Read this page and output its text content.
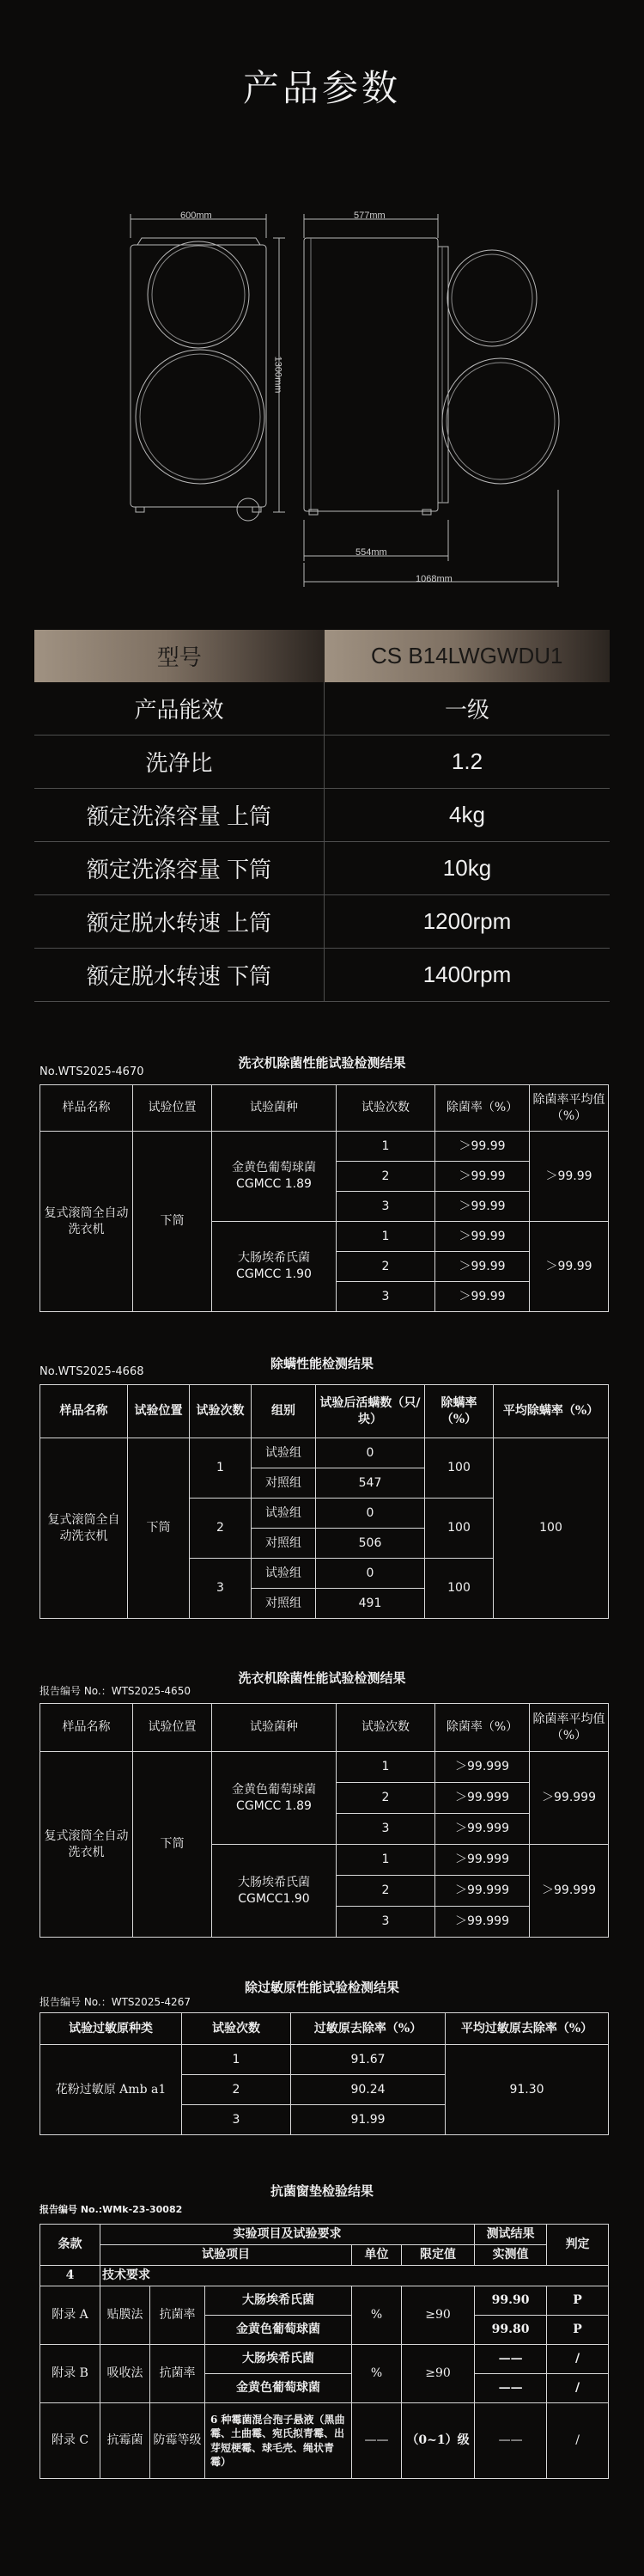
产品参数
600mm	577mm
1300mm
554mm
1068mm
型号	CS B14LWGWDU1
产品能效	一级
洗净比	1.2
额定洗涤容量 上筒	4kg
额定洗涤容量 下筒	10kg
额定脱水转速 上筒	1200rpm
额定脱水转速 下筒	1400rpm
洗衣机除菌性能试验检测结果
No.WTS2025-4670
样品名称	试验位置	试验菌种	试验次数	除菌率（%）	除菌率平均值（%）
复式滚筒全自动洗衣机	下筒	金黄色葡萄球菌 CGMCC 1.89	1	＞99.99	＞99.99
			2	＞99.99	
			3	＞99.99	
		大肠埃希氏菌 CGMCC 1.90	1	＞99.99	＞99.99
			2	＞99.99	
			3	＞99.99	
除螨性能检测结果
No.WTS2025-4668
样品名称	试验位置	试验次数	组别	试验后活螨数（只/块）	除螨率（%）	平均除螨率（%）
复式滚筒全自动洗衣机	下筒	1	试验组	0	100	100
			对照组	547		
		2	试验组	0	100	
			对照组	506		
		3	试验组	0	100	
			对照组	491		
洗衣机除菌性能试验检测结果
报告编号 No.：WTS2025-4650
样品名称	试验位置	试验菌种	试验次数	除菌率（%）	除菌率平均值（%）
复式滚筒全自动洗衣机	下筒	金黄色葡萄球菌 CGMCC 1.89	1	＞99.999	＞99.999
			2	＞99.999	
			3	＞99.999	
		大肠埃希氏菌 CGMCC1.90	1	＞99.999	＞99.999
			2	＞99.999	
			3	＞99.999	
除过敏原性能试验检测结果
报告编号 No.：WTS2025-4267
试验过敏原种类	试验次数	过敏原去除率（%）	平均过敏原去除率（%）
花粉过敏原 Amb a1	1	91.67	91.30
	2	90.24	
	3	91.99	
抗菌窗垫检验结果
报告编号 No.:WMk-23-30082
条款	实验项目及试验要求					测试结果	判定
	试验项目			单位	限定值	实测值	
4	技术要求						
附录 A	贴膜法	抗菌率	大肠埃希氏菌	%	≥90	99.90	P
			金黄色葡萄球菌			99.80	P
附录 B	吸收法	抗菌率	大肠埃希氏菌	%	≥90	——	/
			金黄色葡萄球菌			——	/
附录 C	抗霉菌	防霉等级	6 种霉菌混合孢子悬液（黑曲霉、土曲霉、宛氏拟青霉、出芽短梗霉、球毛壳、绳状青霉）	——	（0~1）级	——	/
